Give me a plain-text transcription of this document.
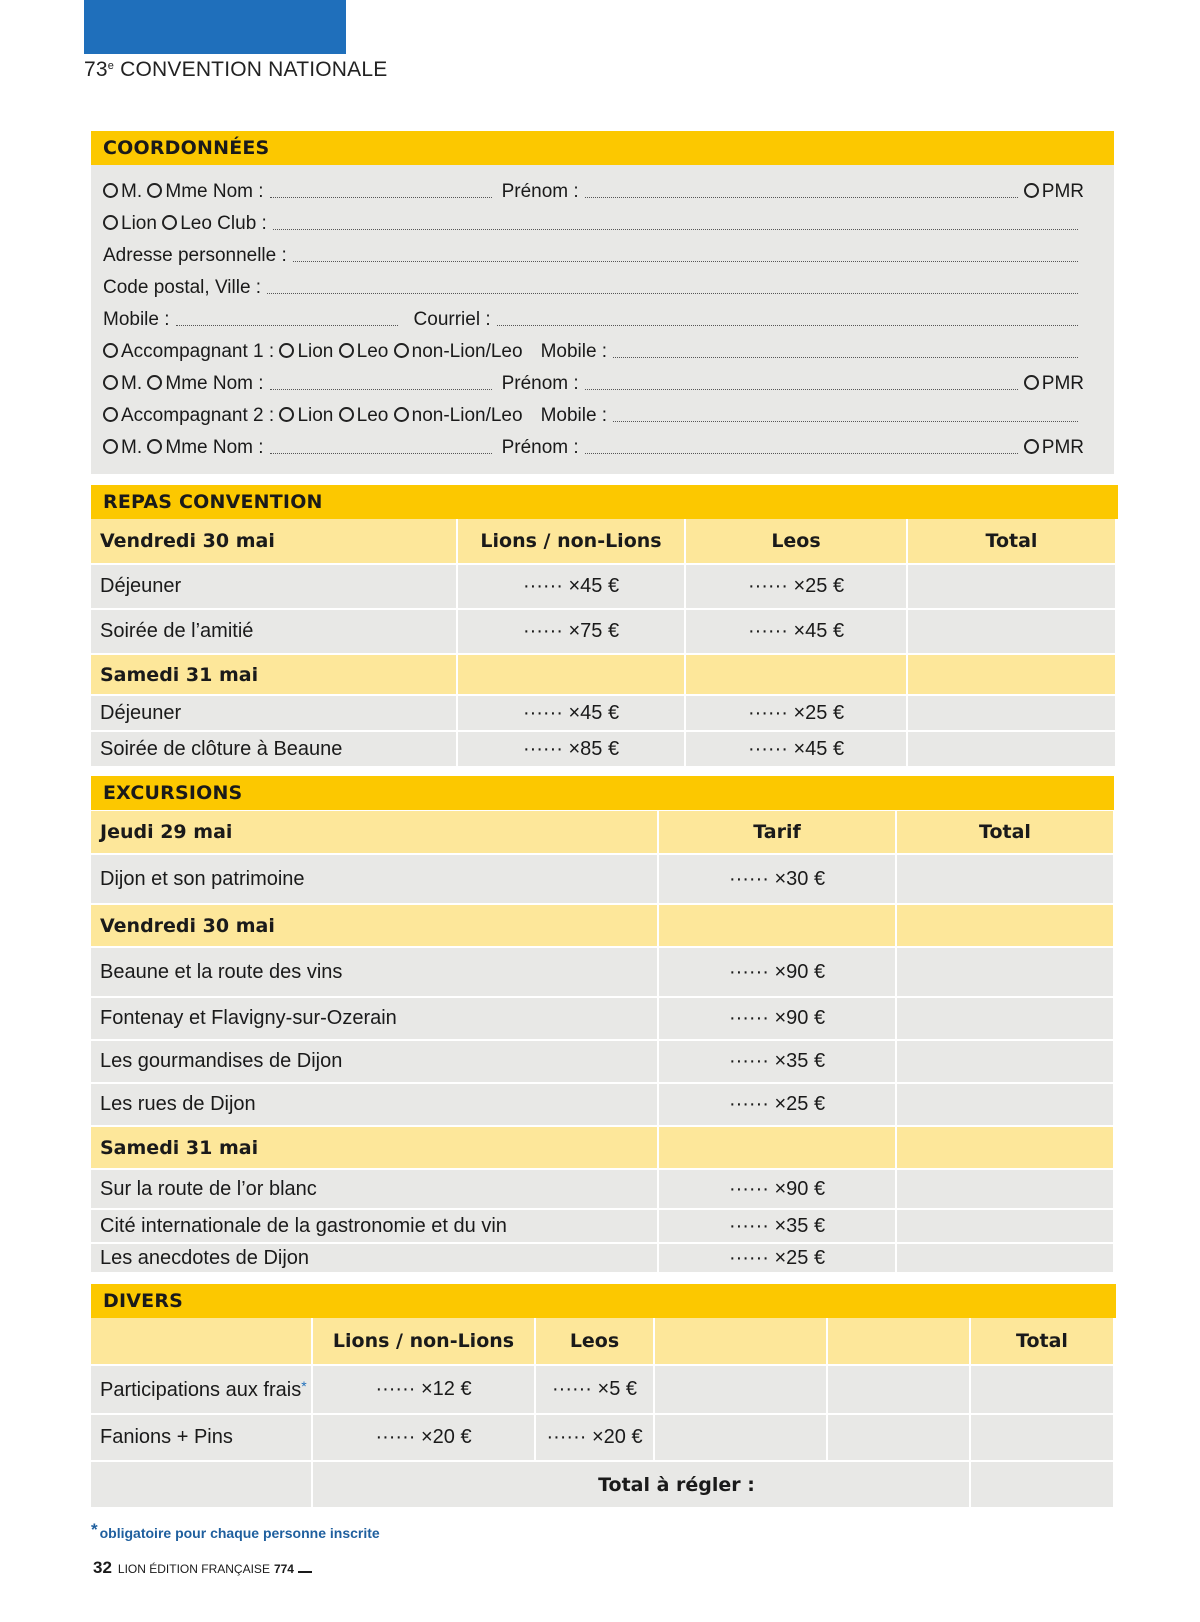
73e CONVENTION NATIONALE
COORDONNÉES
M. Mme Nom :	Prénom :	PMR
Lion Leo Club :
Adresse personnelle :
Code postal, Ville :
Mobile :	Courriel :
Accompagnant 1 : Lion Leo non-Lion/Leo Mobile :
M. Mme Nom :	Prénom :	PMR
Accompagnant 2 : Lion Leo non-Lion/Leo Mobile :
M. Mme Nom :	Prénom :	PMR
REPAS CONVENTION
Vendredi 30 mai	Lions / non-Lions	Leos	Total
Déjeuner	······ ×45 €	······ ×25 €	
Soirée de l’amitié	······ ×75 €	······ ×45 €	
Samedi 31 mai			
Déjeuner	······ ×45 €	······ ×25 €	
Soirée de clôture à Beaune	······ ×85 €	······ ×45 €	
EXCURSIONS
Jeudi 29 mai	Tarif	Total
Dijon et son patrimoine	······ ×30 €	
Vendredi 30 mai		
Beaune et la route des vins	······ ×90 €	
Fontenay et Flavigny-sur-Ozerain	······ ×90 €	
Les gourmandises de Dijon	······ ×35 €	
Les rues de Dijon	······ ×25 €	
Samedi 31 mai		
Sur la route de l’or blanc	······ ×90 €	
Cité internationale de la gastronomie et du vin	······ ×35 €	
Les anecdotes de Dijon	······ ×25 €	
DIVERS
	Lions / non-Lions	Leos			Total
Participations aux frais*	······ ×12 €	······ ×5 €			
Fanions + Pins	······ ×20 €	······ ×20 €			
	Total à régler :				
* obligatoire pour chaque personne inscrite
32 LION ÉDITION FRANÇAISE 774
